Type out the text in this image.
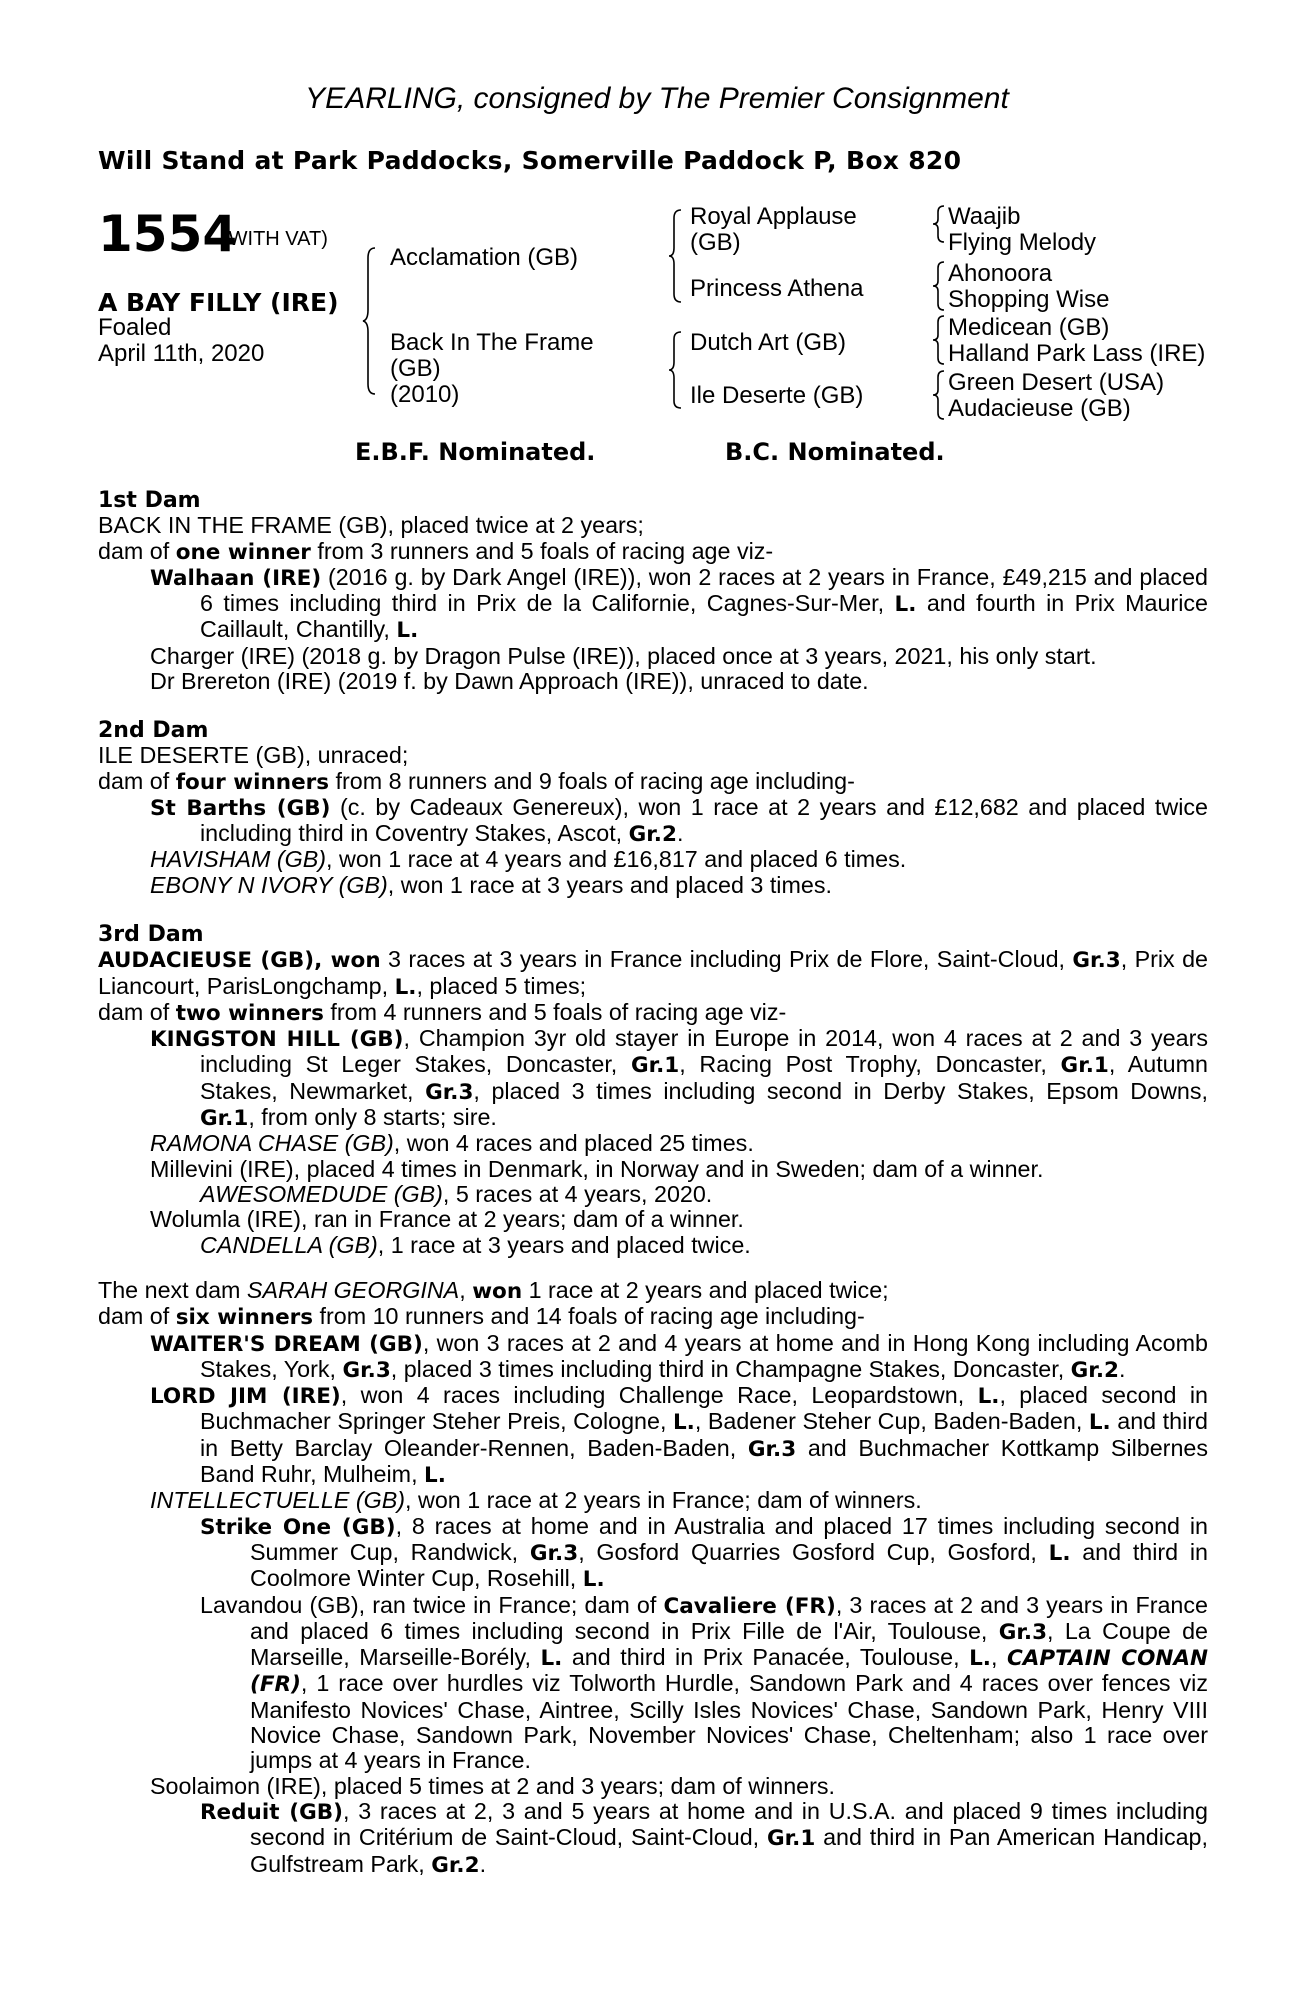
YEARLING, consigned by The Premier Consignment
Will Stand at Park Paddocks, Somerville Paddock P, Box 820
1554
(WITH VAT)
A BAY FILLY (IRE)
Foaled
April 11th, 2020
Acclamation (GB)
Back In The Frame
(GB)
(2010)
Royal Applause
(GB)
Princess Athena
Dutch Art (GB)
Ile Deserte (GB)
Waajib
Flying Melody
Ahonoora
Shopping Wise
Medicean (GB)
Halland Park Lass (IRE)
Green Desert (USA)
Audacieuse (GB)
E.B.F. Nominated.	B.C. Nominated.
1st Dam
BACK IN THE FRAME (GB), placed twice at 2 years;
dam of one winner from 3 runners and 5 foals of racing age viz-
Walhaan (IRE) (2016 g. by Dark Angel (IRE)), won 2 races at 2 years in France, £49,215 and placed 6 times including third in Prix de la Californie, Cagnes-Sur-Mer, L. and fourth in Prix Maurice Caillault, Chantilly, L.
Charger (IRE) (2018 g. by Dragon Pulse (IRE)), placed once at 3 years, 2021, his only start.
Dr Brereton (IRE) (2019 f. by Dawn Approach (IRE)), unraced to date.
2nd Dam
ILE DESERTE (GB), unraced;
dam of four winners from 8 runners and 9 foals of racing age including-
St Barths (GB) (c. by Cadeaux Genereux), won 1 race at 2 years and £12,682 and placed twice including third in Coventry Stakes, Ascot, Gr.2.
HAVISHAM (GB), won 1 race at 4 years and £16,817 and placed 6 times.
EBONY N IVORY (GB), won 1 race at 3 years and placed 3 times.
3rd Dam
AUDACIEUSE (GB), won 3 races at 3 years in France including Prix de Flore, Saint-Cloud, Gr.3, Prix de Liancourt, ParisLongchamp, L., placed 5 times;
dam of two winners from 4 runners and 5 foals of racing age viz-
KINGSTON HILL (GB), Champion 3yr old stayer in Europe in 2014, won 4 races at 2 and 3 years including St Leger Stakes, Doncaster, Gr.1, Racing Post Trophy, Doncaster, Gr.1, Autumn Stakes, Newmarket, Gr.3, placed 3 times including second in Derby Stakes, Epsom Downs, Gr.1, from only 8 starts; sire.
RAMONA CHASE (GB), won 4 races and placed 25 times.
Millevini (IRE), placed 4 times in Denmark, in Norway and in Sweden; dam of a winner.
AWESOMEDUDE (GB), 5 races at 4 years, 2020.
Wolumla (IRE), ran in France at 2 years; dam of a winner.
CANDELLA (GB), 1 race at 3 years and placed twice.
The next dam SARAH GEORGINA, won 1 race at 2 years and placed twice;
dam of six winners from 10 runners and 14 foals of racing age including-
WAITER'S DREAM (GB), won 3 races at 2 and 4 years at home and in Hong Kong including Acomb Stakes, York, Gr.3, placed 3 times including third in Champagne Stakes, Doncaster, Gr.2.
LORD JIM (IRE), won 4 races including Challenge Race, Leopardstown, L., placed second in Buchmacher Springer Steher Preis, Cologne, L., Badener Steher Cup, Baden-Baden, L. and third in Betty Barclay Oleander-Rennen, Baden-Baden, Gr.3 and Buchmacher Kottkamp Silbernes Band Ruhr, Mulheim, L.
INTELLECTUELLE (GB), won 1 race at 2 years in France; dam of winners.
Strike One (GB), 8 races at home and in Australia and placed 17 times including second in Summer Cup, Randwick, Gr.3, Gosford Quarries Gosford Cup, Gosford, L. and third in Coolmore Winter Cup, Rosehill, L.
Lavandou (GB), ran twice in France; dam of Cavaliere (FR), 3 races at 2 and 3 years in France and placed 6 times including second in Prix Fille de l'Air, Toulouse, Gr.3, La Coupe de Marseille, Marseille-Borély, L. and third in Prix Panacée, Toulouse, L., CAPTAIN CONAN (FR), 1 race over hurdles viz Tolworth Hurdle, Sandown Park and 4 races over fences viz Manifesto Novices' Chase, Aintree, Scilly Isles Novices' Chase, Sandown Park, Henry VIII Novice Chase, Sandown Park, November Novices' Chase, Cheltenham; also 1 race over jumps at 4 years in France.
Soolaimon (IRE), placed 5 times at 2 and 3 years; dam of winners.
Reduit (GB), 3 races at 2, 3 and 5 years at home and in U.S.A. and placed 9 times including second in Critérium de Saint-Cloud, Saint-Cloud, Gr.1 and third in Pan American Handicap, Gulfstream Park, Gr.2.
